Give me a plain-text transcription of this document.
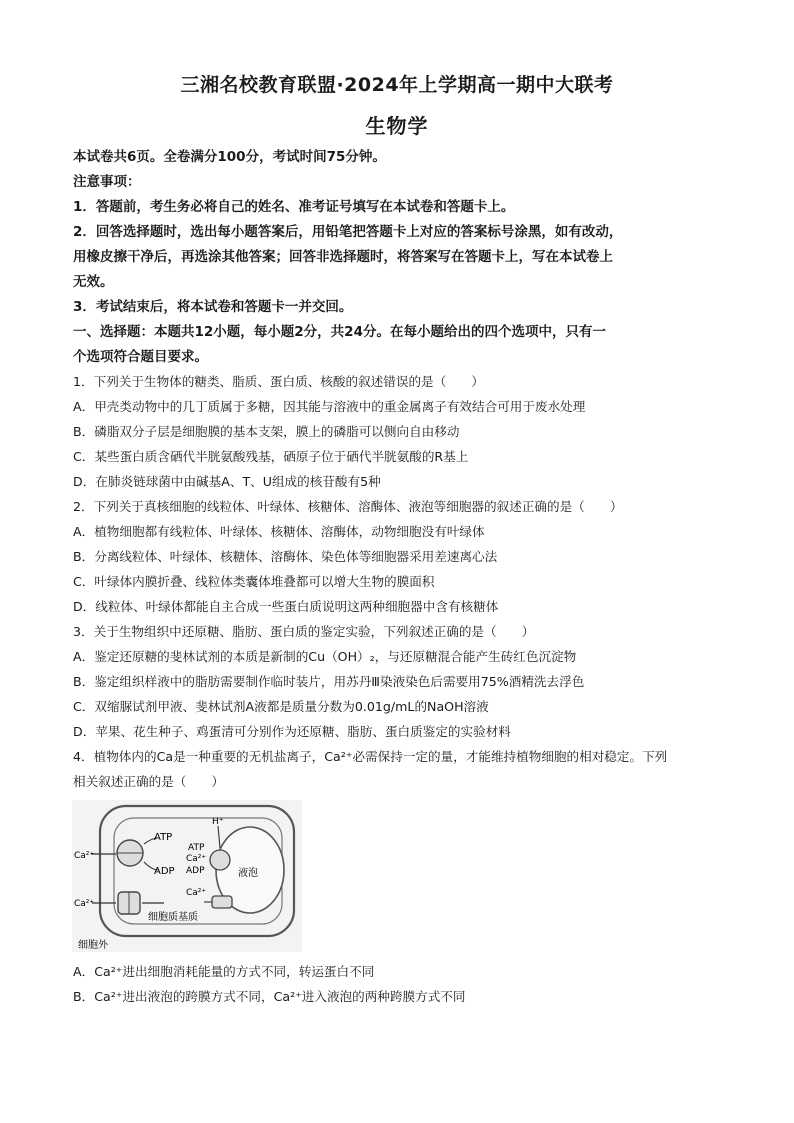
三湘名校教育联盟·2024年上学期高一期中大联考
生物学
本试卷共6页。全卷满分100分，考试时间75分钟。
注意事项：
1．答题前，考生务必将自己的姓名、准考证号填写在本试卷和答题卡上。
2．回答选择题时，选出每小题答案后，用铅笔把答题卡上对应的答案标号涂黑，如有改动，
用橡皮擦干净后，再选涂其他答案；回答非选择题时，将答案写在答题卡上，写在本试卷上
无效。
3．考试结束后，将本试卷和答题卡一并交回。
一、选择题：本题共12小题，每小题2分，共24分。在每小题给出的四个选项中，只有一
个选项符合题目要求。
1．下列关于生物体的糖类、脂质、蛋白质、核酸的叙述错误的是（　　）
A．甲壳类动物中的几丁质属于多糖，因其能与溶液中的重金属离子有效结合可用于废水处理
B．磷脂双分子层是细胞膜的基本支架，膜上的磷脂可以侧向自由移动
C．某些蛋白质含硒代半胱氨酸残基，硒原子位于硒代半胱氨酸的R基上
D．在肺炎链球菌中由碱基A、T、U组成的核苷酸有5种
2．下列关于真核细胞的线粒体、叶绿体、核糖体、溶酶体、液泡等细胞器的叙述正确的是（　　）
A．植物细胞都有线粒体、叶绿体、核糖体、溶酶体，动物细胞没有叶绿体
B．分离线粒体、叶绿体、核糖体、溶酶体、染色体等细胞器采用差速离心法
C．叶绿体内膜折叠、线粒体类囊体堆叠都可以增大生物的膜面积
D．线粒体、叶绿体都能自主合成一些蛋白质说明这两种细胞器中含有核糖体
3．关于生物组织中还原糖、脂肪、蛋白质的鉴定实验，下列叙述正确的是（　　）
A．鉴定还原糖的斐林试剂的本质是新制的Cu（OH）₂，与还原糖混合能产生砖红色沉淀物
B．鉴定组织样液中的脂肪需要制作临时装片，用苏丹Ⅲ染液染色后需要用75%酒精洗去浮色
C．双缩脲试剂甲液、斐林试剂A液都是质量分数为0.01g/mL的NaOH溶液
D．苹果、花生种子、鸡蛋清可分别作为还原糖、脂肪、蛋白质鉴定的实验材料
4．植物体内的Ca是一种重要的无机盐离子，Ca²⁺必需保持一定的量，才能维持植物细胞的相对稳定。下列
相关叙述正确的是（　　）
Ca²⁺
Ca²⁺
ATP
ADP
H⁺
ATP
Ca²⁺
ADP
Ca²⁺
液泡
细胞质基质
细胞外
A．Ca²⁺进出细胞消耗能量的方式不同，转运蛋白不同
B．Ca²⁺进出液泡的跨膜方式不同，Ca²⁺进入液泡的两种跨膜方式不同
